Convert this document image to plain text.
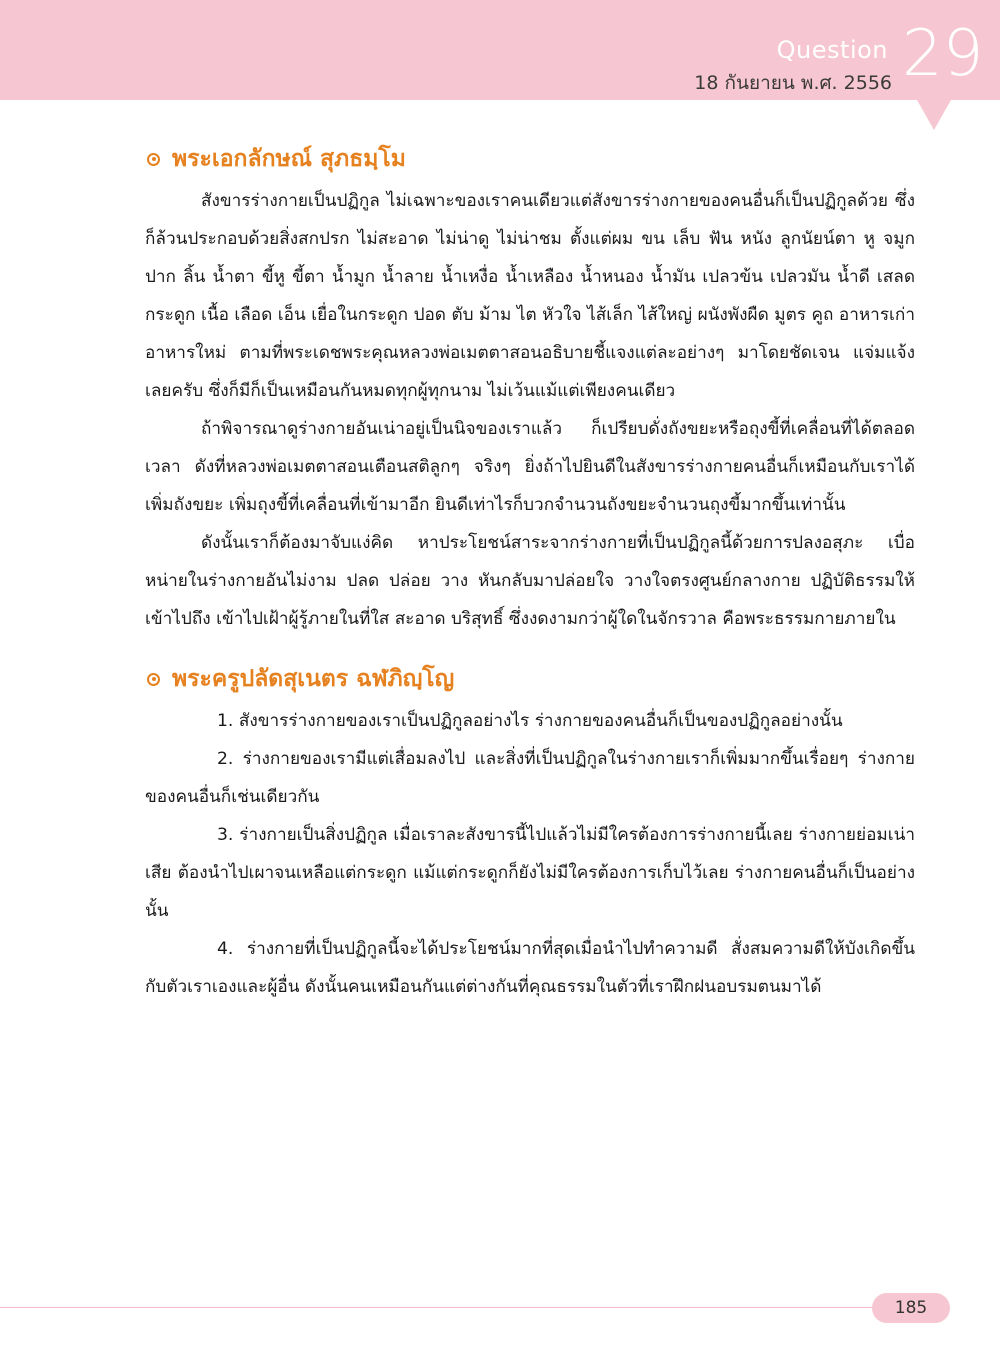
Question 29
18 กันยายน พ.ศ. 2556
พระเอกลักษณ์ สุภธมฺโม

สังขารร่างกายเป็นปฏิกูล ไม่เฉพาะของเราคนเดียวแต่สังขารร่างกายของคนอื่นก็เป็นปฏิกูลด้วย ซึ่งก็ล้วนประกอบด้วยสิ่งสกปรก ไม่สะอาด ไม่น่าดู ไม่น่าชม ตั้งแต่ผม ขน เล็บ ฟัน หนัง ลูกนัยน์ตา หู จมูก ปาก ลิ้น น้ำตา ขี้หู ขี้ตา น้ำมูก น้ำลาย น้ำเหงื่อ น้ำเหลือง น้ำหนอง น้ำมัน เปลวข้น เปลวมัน น้ำดี เสลด กระดูก เนื้อ เลือด เอ็น เยื่อในกระดูก ปอด ตับ ม้าม ไต หัวใจ ไส้เล็ก ไส้ใหญ่ ผนังพังผืด มูตร คูถ อาหารเก่า อาหารใหม่ ตามที่พระเดชพระคุณหลวงพ่อเมตตาสอนอธิบายชี้แจงแต่ละอย่างๆ มาโดยชัดเจน แจ่มแจ้งเลยครับ ซึ่งก็มีก็เป็นเหมือนกันหมดทุกผู้ทุกนาม ไม่เว้นแม้แต่เพียงคนเดียว

ถ้าพิจารณาดูร่างกายอันเน่าอยู่เป็นนิจของเราแล้ว ก็เปรียบดั่งถังขยะหรือถุงขี้ที่เคลื่อนที่ได้ตลอดเวลา ดังที่หลวงพ่อเมตตาสอนเตือนสติลูกๆ จริงๆ ยิ่งถ้าไปยินดีในสังขารร่างกายคนอื่นก็เหมือนกับเราได้เพิ่มถังขยะ เพิ่มถุงขี้ที่เคลื่อนที่เข้ามาอีก ยินดีเท่าไรก็บวกจำนวนถังขยะจำนวนถุงขี้มากขึ้นเท่านั้น

ดังนั้นเราก็ต้องมาจับแง่คิด หาประโยชน์สาระจากร่างกายที่เป็นปฏิกูลนี้ด้วยการปลงอสุภะ เบื่อหน่ายในร่างกายอันไม่งาม ปลด ปล่อย วาง หันกลับมาปล่อยใจ วางใจตรงศูนย์กลางกาย ปฏิบัติธรรมให้เข้าไปถึง เข้าไปเฝ้าผู้รู้ภายในที่ใส สะอาด บริสุทธิ์ ซึ่งงดงามกว่าผู้ใดในจักรวาล คือพระธรรมกายภายใน

พระครูปลัดสุเนตร ฉฬภิญฺโญ

1. สังขารร่างกายของเราเป็นปฏิกูลอย่างไร ร่างกายของคนอื่นก็เป็นของปฏิกูลอย่างนั้น

2. ร่างกายของเรามีแต่เสื่อมลงไป และสิ่งที่เป็นปฏิกูลในร่างกายเราก็เพิ่มมากขึ้นเรื่อยๆ ร่างกายของคนอื่นก็เช่นเดียวกัน

3. ร่างกายเป็นสิ่งปฏิกูล เมื่อเราละสังขารนี้ไปแล้วไม่มีใครต้องการร่างกายนี้เลย ร่างกายย่อมเน่าเสีย ต้องนำไปเผาจนเหลือแต่กระดูก แม้แต่กระดูกก็ยังไม่มีใครต้องการเก็บไว้เลย ร่างกายคนอื่นก็เป็นอย่างนั้น

4. ร่างกายที่เป็นปฏิกูลนี้จะได้ประโยชน์มากที่สุดเมื่อนำไปทำความดี สั่งสมความดีให้บังเกิดขึ้นกับตัวเราเองและผู้อื่น ดังนั้นคนเหมือนกันแต่ต่างกันที่คุณธรรมในตัวที่เราฝึกฝนอบรมตนมาได้

185
